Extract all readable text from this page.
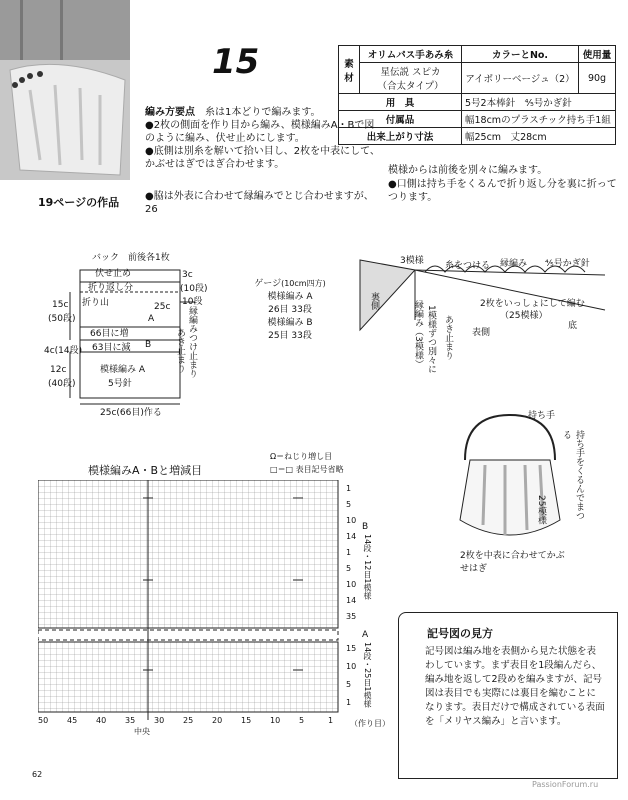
15	素
材	オリムパス手あみ糸	カラーとNo.	使用量
	星伝説 スピカ
（合太タイプ）	アイボリーベージュ（2）	90g
用　具		5号2本棒針　⅘号かぎ針	
付属品		幅18cmのプラスチック持ち手1組	
出来上がり寸法		幅25cm　丈28cm	
編み方要点　 糸は1本どりで編みます。
●2枚の側面を作り目から編み、模様編みA・Bで図のように編み、伏せ止めにします。
●底側は別糸を解いて拾い目し、2枚を中表にして、かぶせはぎではぎ合わせます。

●脇は外表に合わせて縁編みでとじ合わせますが、26
模様からは前後を別々に編みます。
●口側は持ち手をくるんで折り返し分を裏に折ってつります。
19ページの作品
バック　前後各1枚
伏せ止め
折り返し分
折り山
A
66目に増
63目に減 B
模様編み A
5号針
25c(66目)作る
3c
(10段)
10段
25c
15c
(50段)
4c(14段)
12c
(40段)
縁編みつけ止まり
あき止まり
ゲージ(10cm四方)
模様編み A
26目 33段
模様編み B
25目 33段
3模様 糸をつける 縁編み ⅘号かぎ針
裏側	縁編み（3模様） あき止まり
1模様ずつ別々に
2枚をいっしょにして編む
（25模様）
底
表側
持ち手
持ち手をくるんでまつる
25模様
2枚を中表に合わせてかぶせはぎ
模様編みA・Bと増減目
Ω＝ねじり増し目
□＝□ 表目記号省略
B
14段・12目1模様
A
14段・25目1模様
（作り目）
中央
50 45 40 35 30 25 20 15 10 5	1
1
5
10
14
1
5
10
14
35
15
10
5
1
記号図の見方
記号図は編み地を表側から見た状態を表わしています。まず表目を1段編んだら、編み地を返して2段めを編みますが、記号図は表目でも実際には裏目を編むことになります。表目だけで構成されている表面を「メリヤス編み」と言います。
62
PassionForum.ru
